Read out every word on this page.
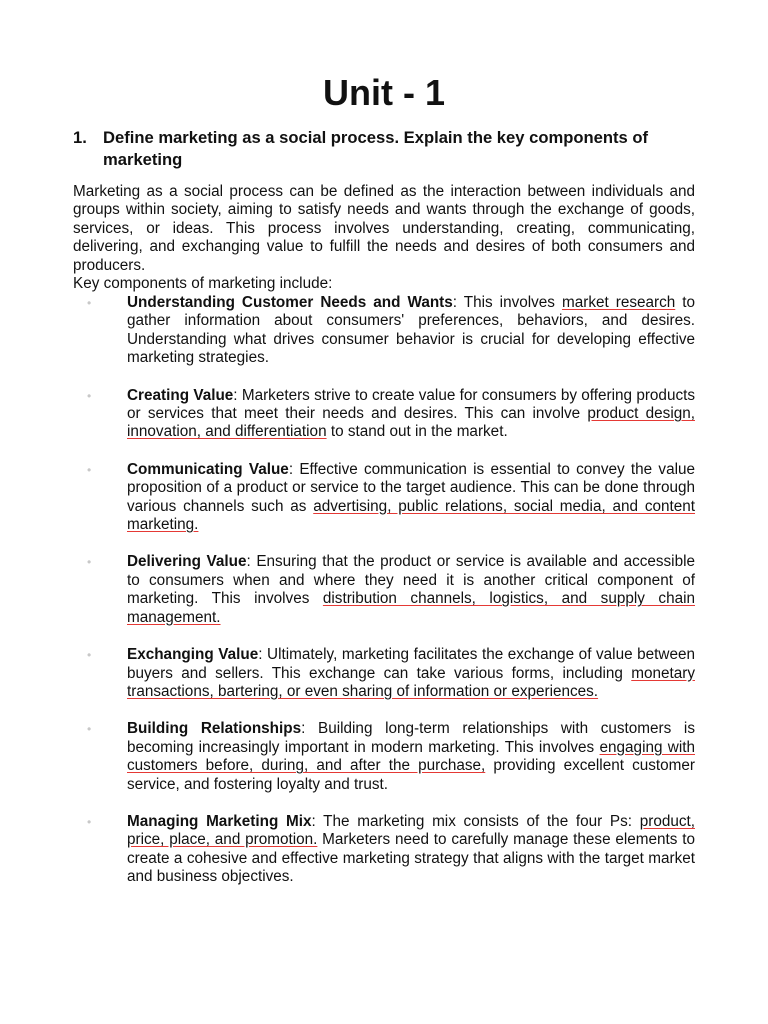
Unit - 1
1. Define marketing as a social process. Explain the key components of marketing

Marketing as a social process can be defined as the interaction between individuals and groups within society, aiming to satisfy needs and wants through the exchange of goods, services, or ideas. This process involves understanding, creating, communicating, delivering, and exchanging value to fulfill the needs and desires of both consumers and producers.

Key components of marketing include:

• Understanding Customer Needs and Wants: This involves market research to gather information about consumers' preferences, behaviors, and desires. Understanding what drives consumer behavior is crucial for developing effective marketing strategies.
• Creating Value: Marketers strive to create value for consumers by offering products or services that meet their needs and desires. This can involve product design, innovation, and differentiation to stand out in the market.
• Communicating Value: Effective communication is essential to convey the value proposition of a product or service to the target audience. This can be done through various channels such as advertising, public relations, social media, and content marketing.
• Delivering Value: Ensuring that the product or service is available and accessible to consumers when and where they need it is another critical component of marketing. This involves distribution channels, logistics, and supply chain management.
• Exchanging Value: Ultimately, marketing facilitates the exchange of value between buyers and sellers. This exchange can take various forms, including monetary transactions, bartering, or even sharing of information or experiences.
• Building Relationships: Building long-term relationships with customers is becoming increasingly important in modern marketing. This involves engaging with customers before, during, and after the purchase, providing excellent customer service, and fostering loyalty and trust.
• Managing Marketing Mix: The marketing mix consists of the four Ps: product, price, place, and promotion. Marketers need to carefully manage these elements to create a cohesive and effective marketing strategy that aligns with the target market and business objectives.
